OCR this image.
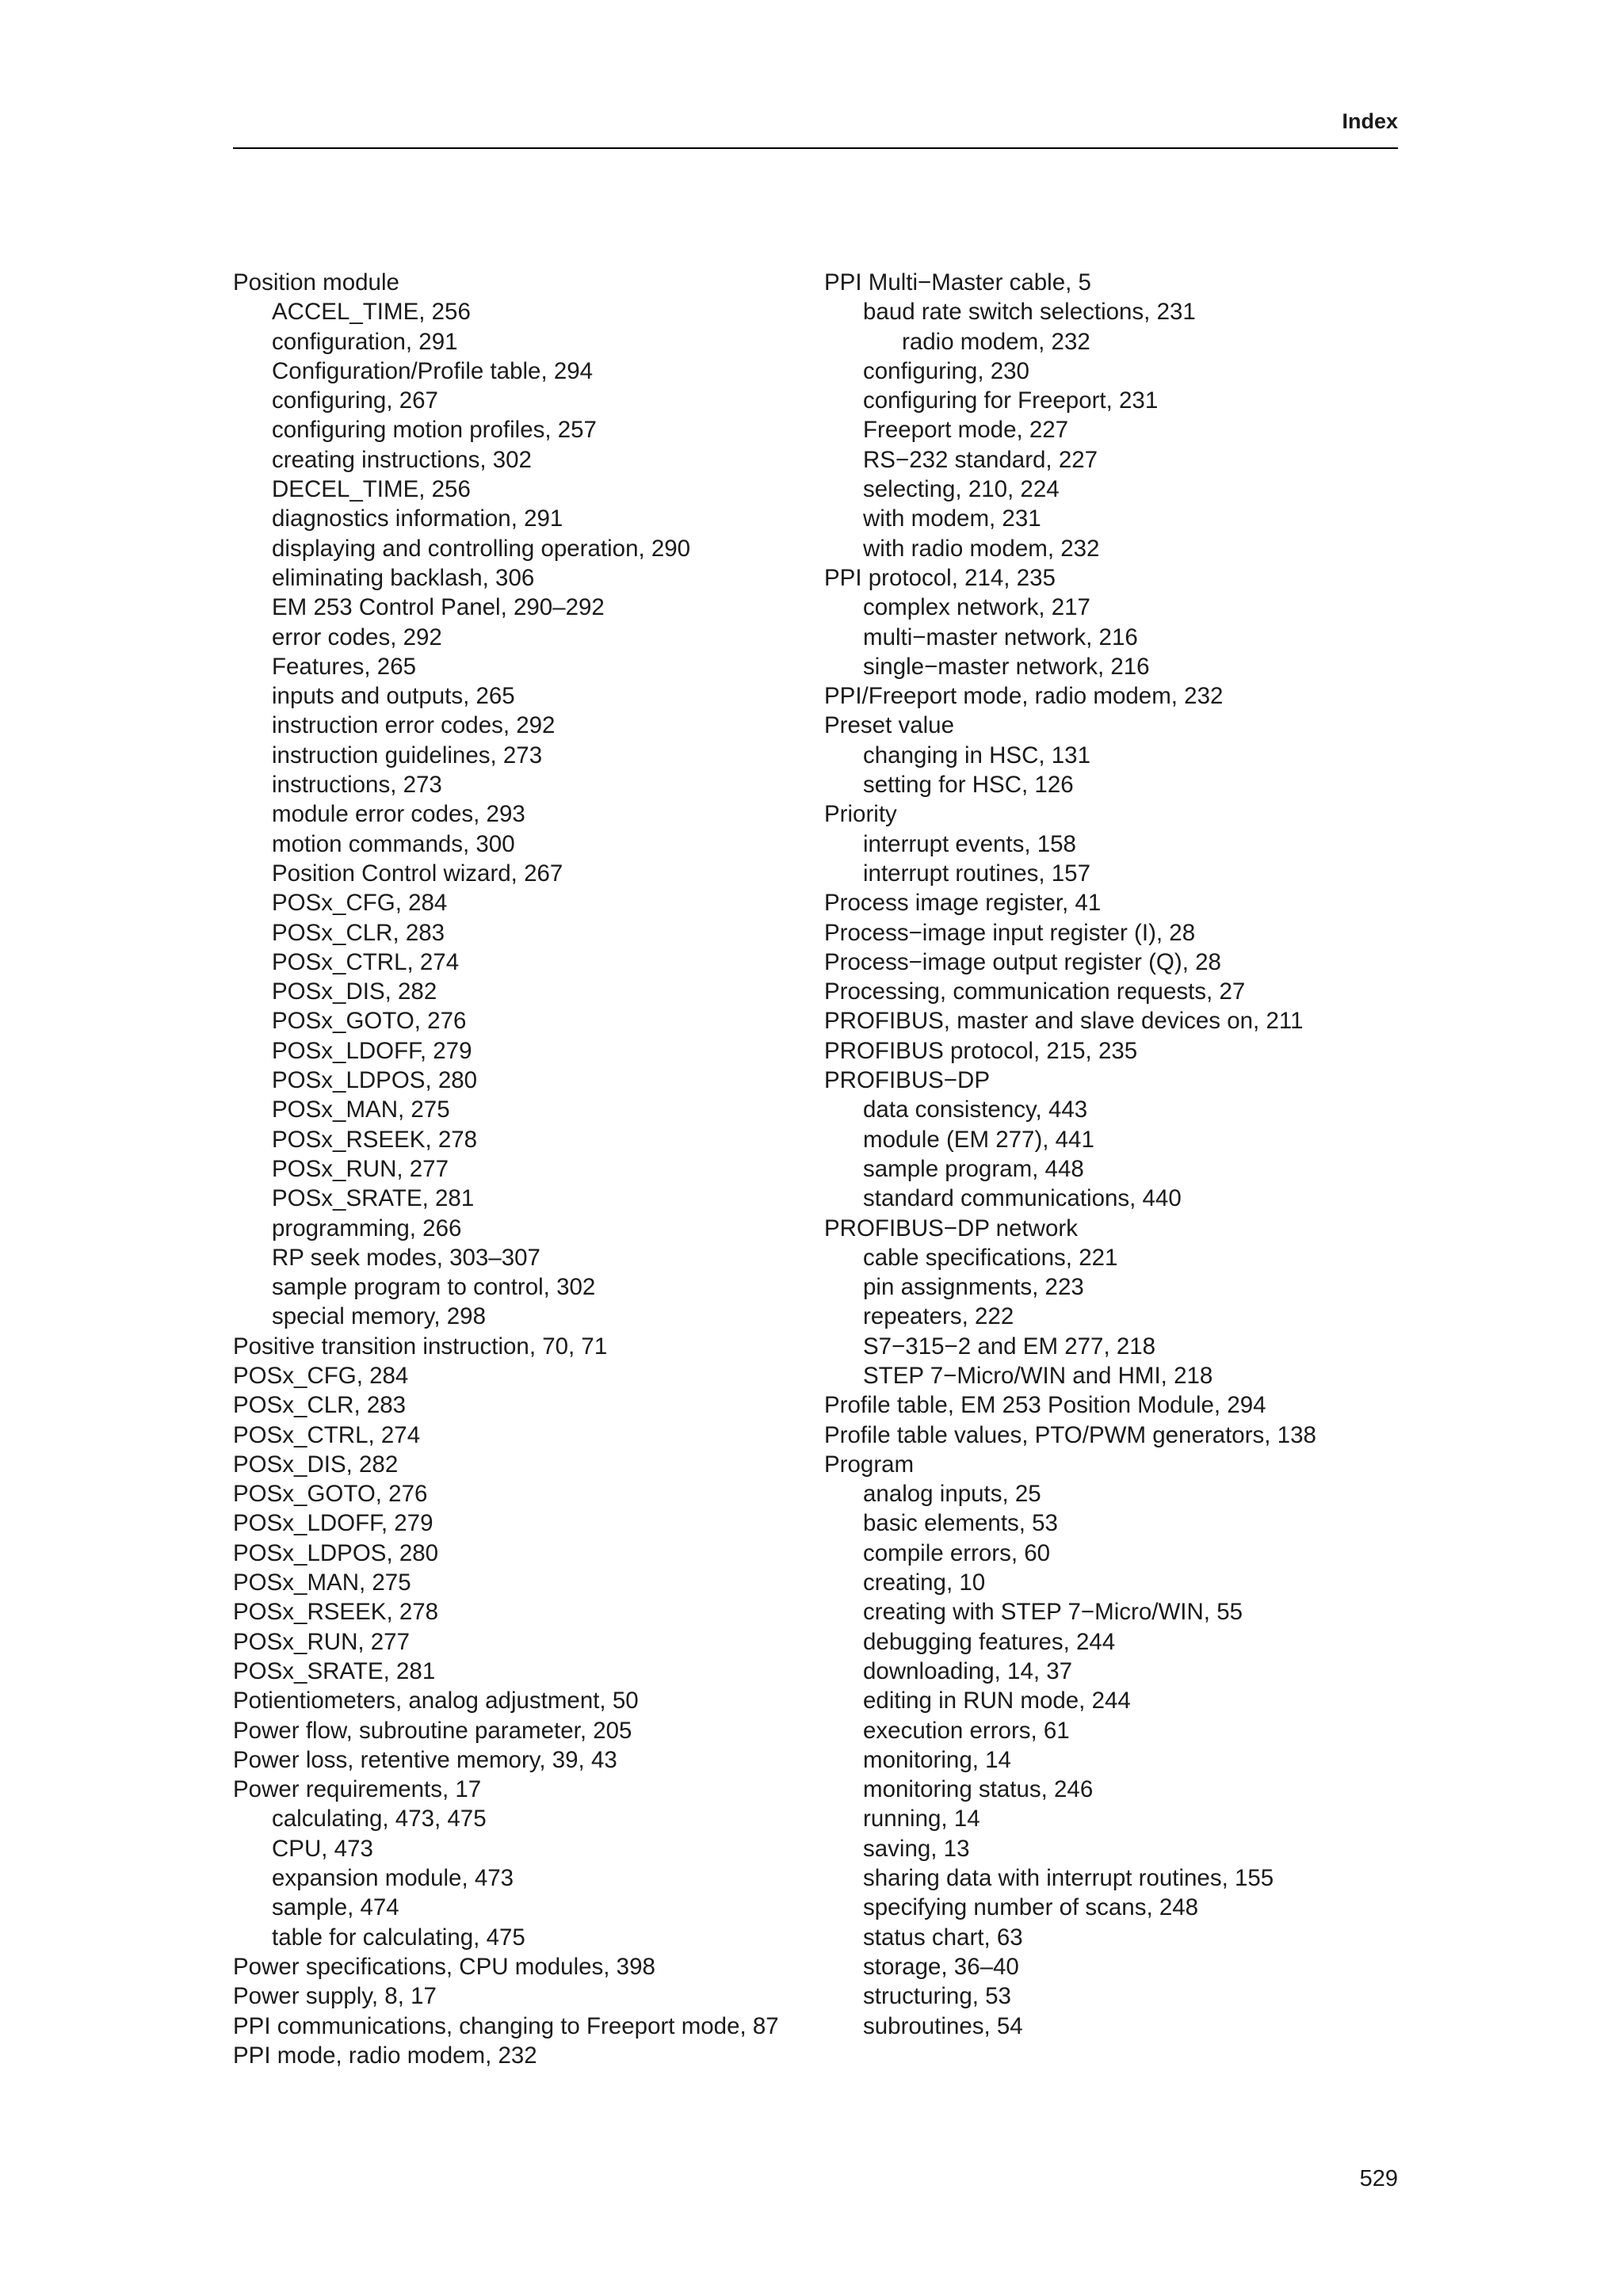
Index
Position module
ACCEL_TIME, 256
configuration, 291
Configuration/Profile table, 294
configuring, 267
configuring motion profiles, 257
creating instructions, 302
DECEL_TIME, 256
diagnostics information, 291
displaying and controlling operation, 290
eliminating backlash, 306
EM 253 Control Panel, 290–292
error codes, 292
Features, 265
inputs and outputs, 265
instruction error codes, 292
instruction guidelines, 273
instructions, 273
module error codes, 293
motion commands, 300
Position Control wizard, 267
POSx_CFG, 284
POSx_CLR, 283
POSx_CTRL, 274
POSx_DIS, 282
POSx_GOTO, 276
POSx_LDOFF, 279
POSx_LDPOS, 280
POSx_MAN, 275
POSx_RSEEK, 278
POSx_RUN, 277
POSx_SRATE, 281
programming, 266
RP seek modes, 303–307
sample program to control, 302
special memory, 298
Positive transition instruction, 70, 71
POSx_CFG, 284
POSx_CLR, 283
POSx_CTRL, 274
POSx_DIS, 282
POSx_GOTO, 276
POSx_LDOFF, 279
POSx_LDPOS, 280
POSx_MAN, 275
POSx_RSEEK, 278
POSx_RUN, 277
POSx_SRATE, 281
Potientiometers, analog adjustment, 50
Power flow, subroutine parameter, 205
Power loss, retentive memory, 39, 43
Power requirements, 17
calculating, 473, 475
CPU, 473
expansion module, 473
sample, 474
table for calculating, 475
Power specifications, CPU modules, 398
Power supply, 8, 17
PPI communications, changing to Freeport mode, 87
PPI mode, radio modem, 232
PPI Multi−Master cable, 5
baud rate switch selections, 231
radio modem, 232
configuring, 230
configuring for Freeport, 231
Freeport mode, 227
RS−232 standard, 227
selecting, 210, 224
with modem, 231
with radio modem, 232
PPI protocol, 214, 235
complex network, 217
multi−master network, 216
single−master network, 216
PPI/Freeport mode, radio modem, 232
Preset value
changing in HSC, 131
setting for HSC, 126
Priority
interrupt events, 158
interrupt routines, 157
Process image register, 41
Process−image input register (I), 28
Process−image output register (Q), 28
Processing, communication requests, 27
PROFIBUS, master and slave devices on, 211
PROFIBUS protocol, 215, 235
PROFIBUS−DP
data consistency, 443
module (EM 277), 441
sample program, 448
standard communications, 440
PROFIBUS−DP network
cable specifications, 221
pin assignments, 223
repeaters, 222
S7−315−2 and EM 277, 218
STEP 7−Micro/WIN and HMI, 218
Profile table, EM 253 Position Module, 294
Profile table values, PTO/PWM generators, 138
Program
analog inputs, 25
basic elements, 53
compile errors, 60
creating, 10
creating with STEP 7−Micro/WIN, 55
debugging features, 244
downloading, 14, 37
editing in RUN mode, 244
execution errors, 61
monitoring, 14
monitoring status, 246
running, 14
saving, 13
sharing data with interrupt routines, 155
specifying number of scans, 248
status chart, 63
storage, 36–40
structuring, 53
subroutines, 54
529
